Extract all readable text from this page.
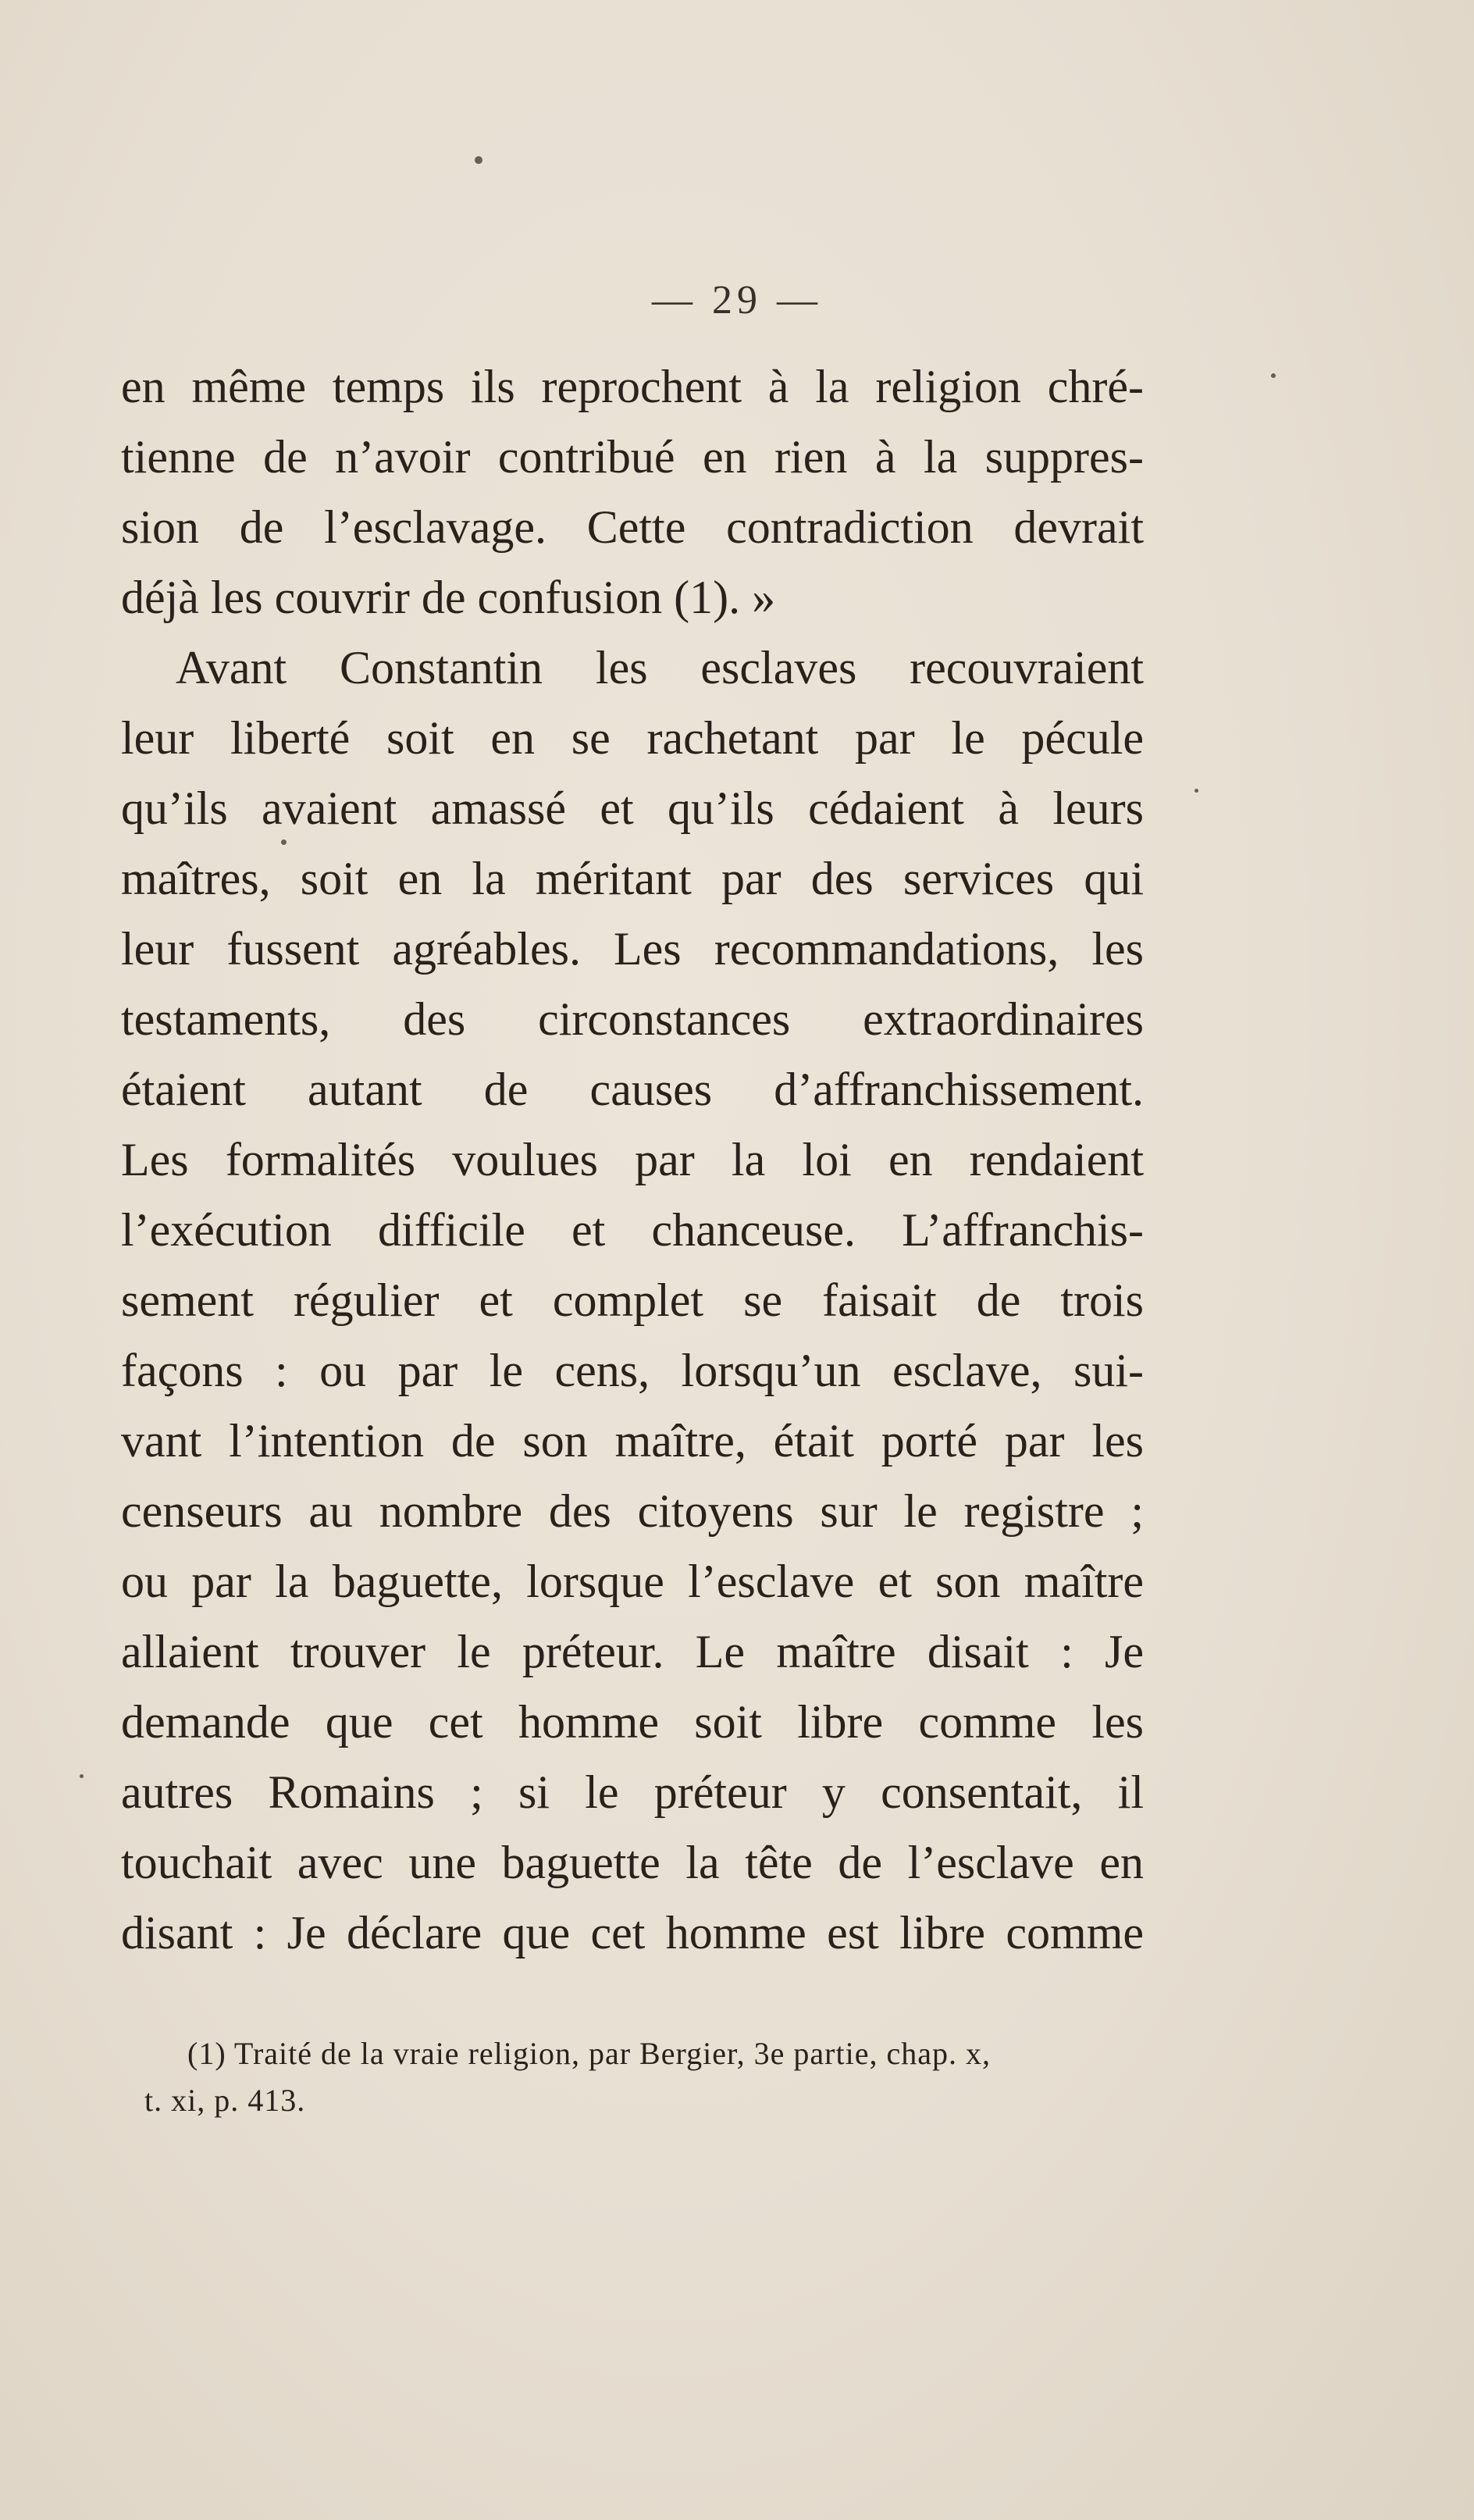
— 29 —
en même temps ils reprochent à la religion chré-
tienne de n’avoir contribué en rien à la suppres-
sion de l’esclavage. Cette contradiction devrait
déjà les couvrir de confusion (1). »
Avant Constantin les esclaves recouvraient
leur liberté soit en se rachetant par le pécule
qu’ils avaient amassé et qu’ils cédaient à leurs
maîtres, soit en la méritant par des services qui
leur fussent agréables. Les recommandations, les
testaments, des circonstances extraordinaires
étaient autant de causes d’affranchissement.
Les formalités voulues par la loi en rendaient
l’exécution difficile et chanceuse. L’affranchis-
sement régulier et complet se faisait de trois
façons : ou par le cens, lorsqu’un esclave, sui-
vant l’intention de son maître, était porté par les
censeurs au nombre des citoyens sur le registre ;
ou par la baguette, lorsque l’esclave et son maître
allaient trouver le préteur. Le maître disait : Je
demande que cet homme soit libre comme les
autres Romains ; si le préteur y consentait, il
touchait avec une baguette la tête de l’esclave en
disant : Je déclare que cet homme est libre comme
(1) Traité de la vraie religion, par Bergier, 3e partie, chap. x,
t. xi, p. 413.
